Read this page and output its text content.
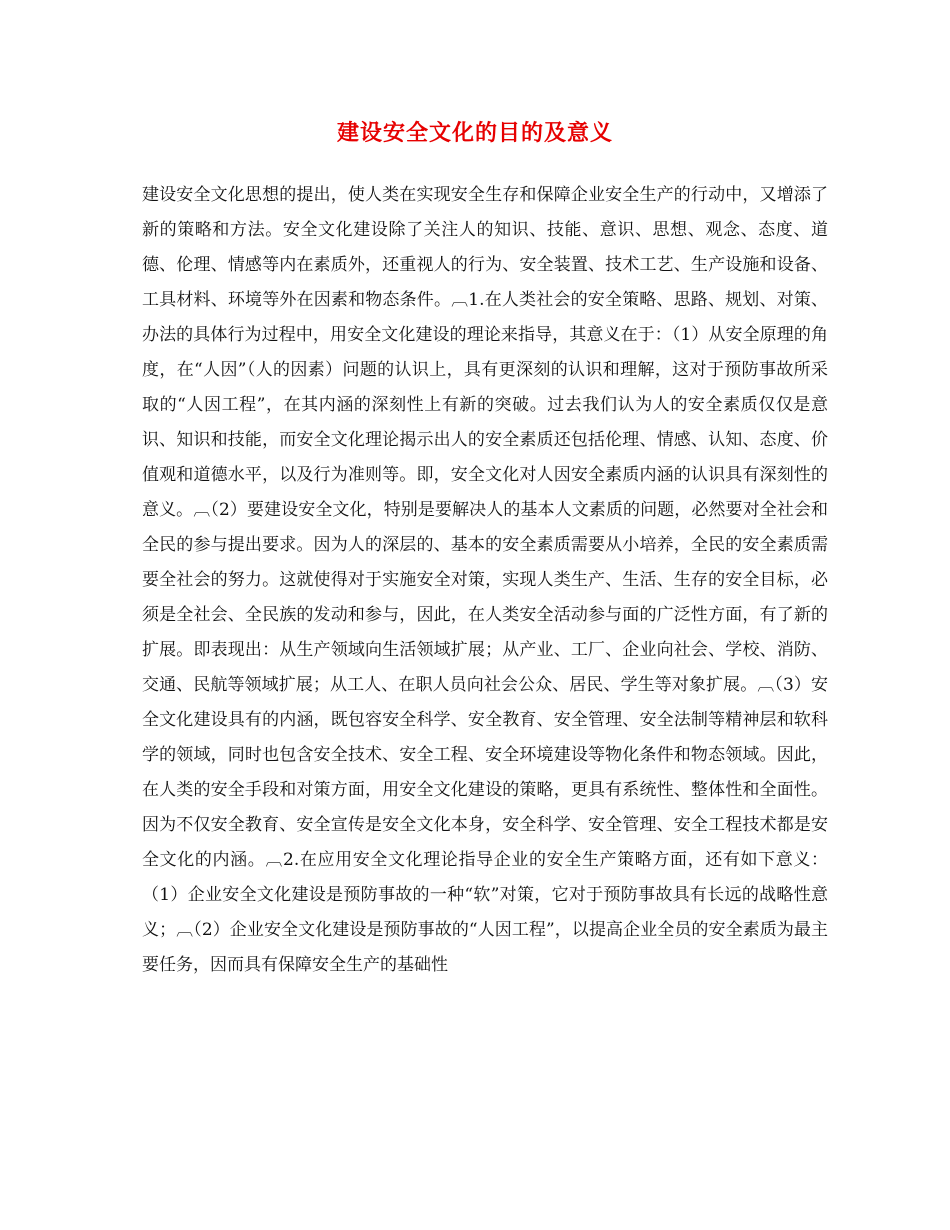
建设安全文化的目的及意义

建设安全文化思想的提出，使人类在实现安全生存和保障企业安全生产的行动中，又增添了新的策略和方法。安全文化建设除了关注人的知识、技能、意识、思想、观念、态度、道德、伦理、情感等内在素质外，还重视人的行为、安全装置、技术工艺、生产设施和设备、工具材料、环境等外在因素和物态条件。︹1.在人类社会的安全策略、思路、规划、对策、办法的具体行为过程中，用安全文化建设的理论来指导，其意义在于：（1）从安全原理的角度，在“人因”（人的因素）问题的认识上，具有更深刻的认识和理解，这对于预防事故所采取的“人因工程”，在其内涵的深刻性上有新的突破。过去我们认为人的安全素质仅仅是意识、知识和技能，而安全文化理论揭示出人的安全素质还包括伦理、情感、认知、态度、价值观和道德水平，以及行为准则等。即，安全文化对人因安全素质内涵的认识具有深刻性的意义。︹（2）要建设安全文化，特别是要解决人的基本人文素质的问题，必然要对全社会和全民的参与提出要求。因为人的深层的、基本的安全素质需要从小培养，全民的安全素质需要全社会的努力。这就使得对于实施安全对策，实现人类生产、生活、生存的安全目标，必须是全社会、全民族的发动和参与，因此，在人类安全活动参与面的广泛性方面，有了新的扩展。即表现出：从生产领域向生活领域扩展；从产业、工厂、企业向社会、学校、消防、交通、民航等领域扩展；从工人、在职人员向社会公众、居民、学生等对象扩展。︹（3）安全文化建设具有的内涵，既包容安全科学、安全教育、安全管理、安全法制等精神层和软科学的领域，同时也包含安全技术、安全工程、安全环境建设等物化条件和物态领域。因此，在人类的安全手段和对策方面，用安全文化建设的策略，更具有系统性、整体性和全面性。因为不仅安全教育、安全宣传是安全文化本身，安全科学、安全管理、安全工程技术都是安全文化的内涵。︹2.在应用安全文化理论指导企业的安全生产策略方面，还有如下意义：（1）企业安全文化建设是预防事故的一种“软”对策，它对于预防事故具有长远的战略性意义；︹（2）企业安全文化建设是预防事故的“人因工程”，以提高企业全员的安全素质为最主要任务，因而具有保障安全生产的基础性
